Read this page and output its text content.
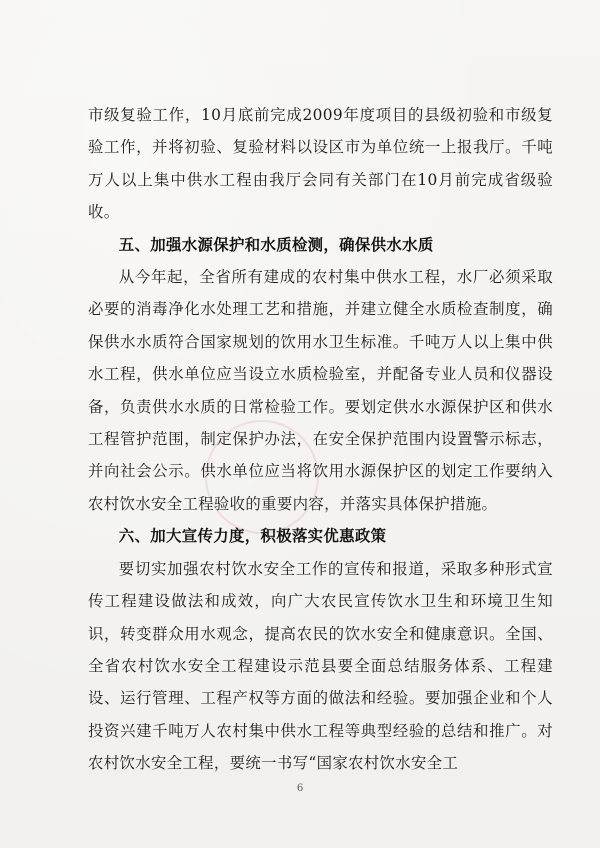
市级复验工作，10月底前完成2009年度项目的县级初验和市级复验工作，并将初验、复验材料以设区市为单位统一上报我厅。千吨万人以上集中供水工程由我厅会同有关部门在10月前完成省级验收。

五、加强水源保护和水质检测，确保供水水质

从今年起，全省所有建成的农村集中供水工程，水厂必须采取必要的消毒净化水处理工艺和措施，并建立健全水质检查制度，确保供水水质符合国家规划的饮用水卫生标准。千吨万人以上集中供水工程，供水单位应当设立水质检验室，并配备专业人员和仪器设备，负责供水水质的日常检验工作。要划定供水水源保护区和供水工程管护范围，制定保护办法，在安全保护范围内设置警示标志，并向社会公示。供水单位应当将饮用水源保护区的划定工作要纳入农村饮水安全工程验收的重要内容，并落实具体保护措施。

六、加大宣传力度，积极落实优惠政策

要切实加强农村饮水安全工作的宣传和报道，采取多种形式宣传工程建设做法和成效，向广大农民宣传饮水卫生和环境卫生知识，转变群众用水观念，提高农民的饮水安全和健康意识。全国、全省农村饮水安全工程建设示范县要全面总结服务体系、工程建设、运行管理、工程产权等方面的做法和经验。要加强企业和个人投资兴建千吨万人农村集中供水工程等典型经验的总结和推广。对农村饮水安全工程，要统一书写“国家农村饮水安全工

6
